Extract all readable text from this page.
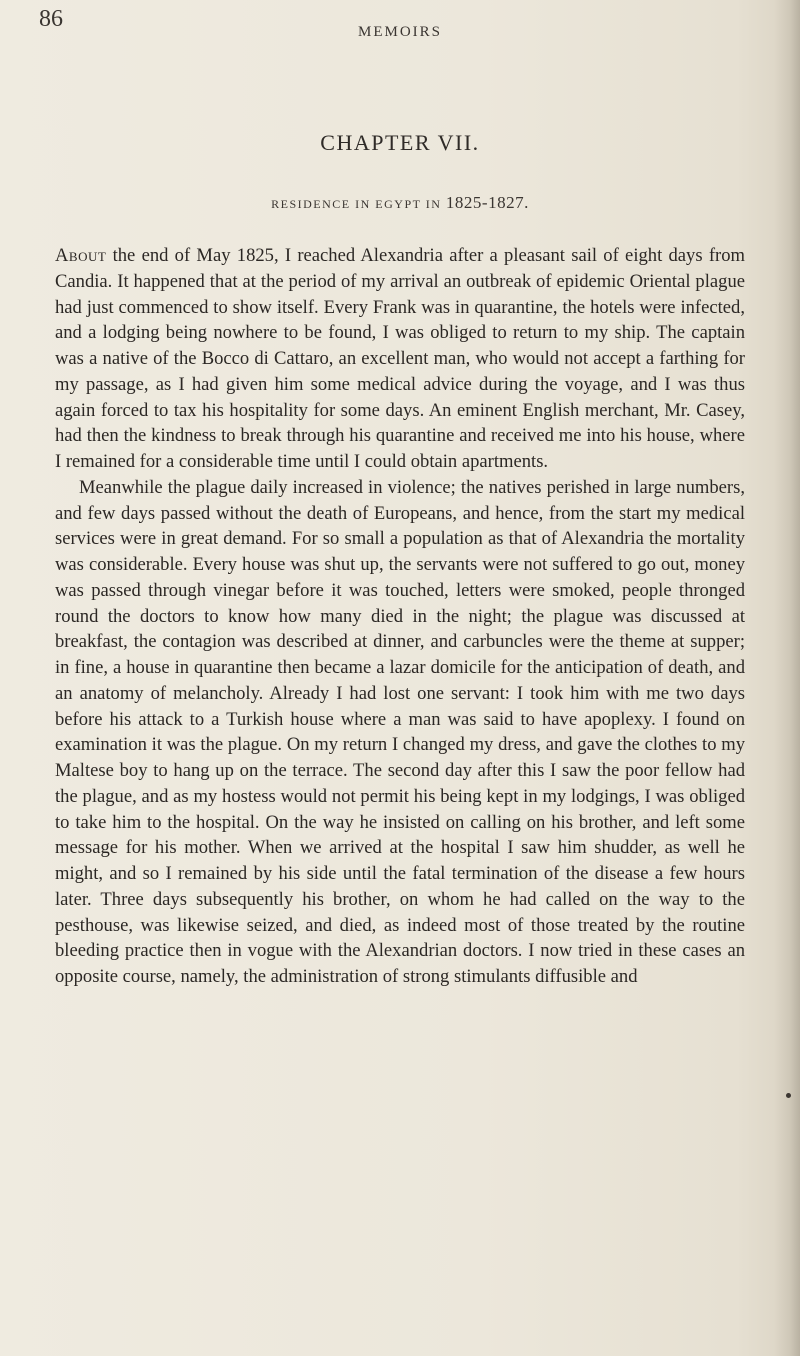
86	MEMOIRS
CHAPTER VII.
RESIDENCE IN EGYPT IN 1825-1827.

About the end of May 1825, I reached Alexandria after a pleasant sail of eight days from Candia. It happened that at the period of my arrival an outbreak of epidemic Oriental plague had just commenced to show itself. Every Frank was in quarantine, the hotels were infected, and a lodging being nowhere to be found, I was obliged to return to my ship. The captain was a native of the Bocco di Cattaro, an excellent man, who would not accept a farthing for my passage, as I had given him some medical advice during the voyage, and I was thus again forced to tax his hospitality for some days. An eminent English merchant, Mr. Casey, had then the kindness to break through his quarantine and received me into his house, where I remained for a considerable time until I could obtain apartments.

Meanwhile the plague daily increased in violence; the natives perished in large numbers, and few days passed without the death of Europeans, and hence, from the start my medical services were in great demand. For so small a population as that of Alexandria the mortality was considerable. Every house was shut up, the servants were not suffered to go out, money was passed through vinegar before it was touched, letters were smoked, people thronged round the doctors to know how many died in the night; the plague was discussed at breakfast, the contagion was described at dinner, and carbuncles were the theme at supper; in fine, a house in quarantine then became a lazar domicile for the anticipation of death, and an anatomy of melancholy. Already I had lost one servant: I took him with me two days before his attack to a Turkish house where a man was said to have apoplexy. I found on examination it was the plague. On my return I changed my dress, and gave the clothes to my Maltese boy to hang up on the terrace. The second day after this I saw the poor fellow had the plague, and as my hostess would not permit his being kept in my lodgings, I was obliged to take him to the hospital. On the way he insisted on calling on his brother, and left some message for his mother. When we arrived at the hospital I saw him shudder, as well he might, and so I remained by his side until the fatal termination of the disease a few hours later. Three days subsequently his brother, on whom he had called on the way to the pesthouse, was likewise seized, and died, as indeed most of those treated by the routine bleeding practice then in vogue with the Alexandrian doctors. I now tried in these cases an opposite course, namely, the administration of strong stimulants diffusible and
